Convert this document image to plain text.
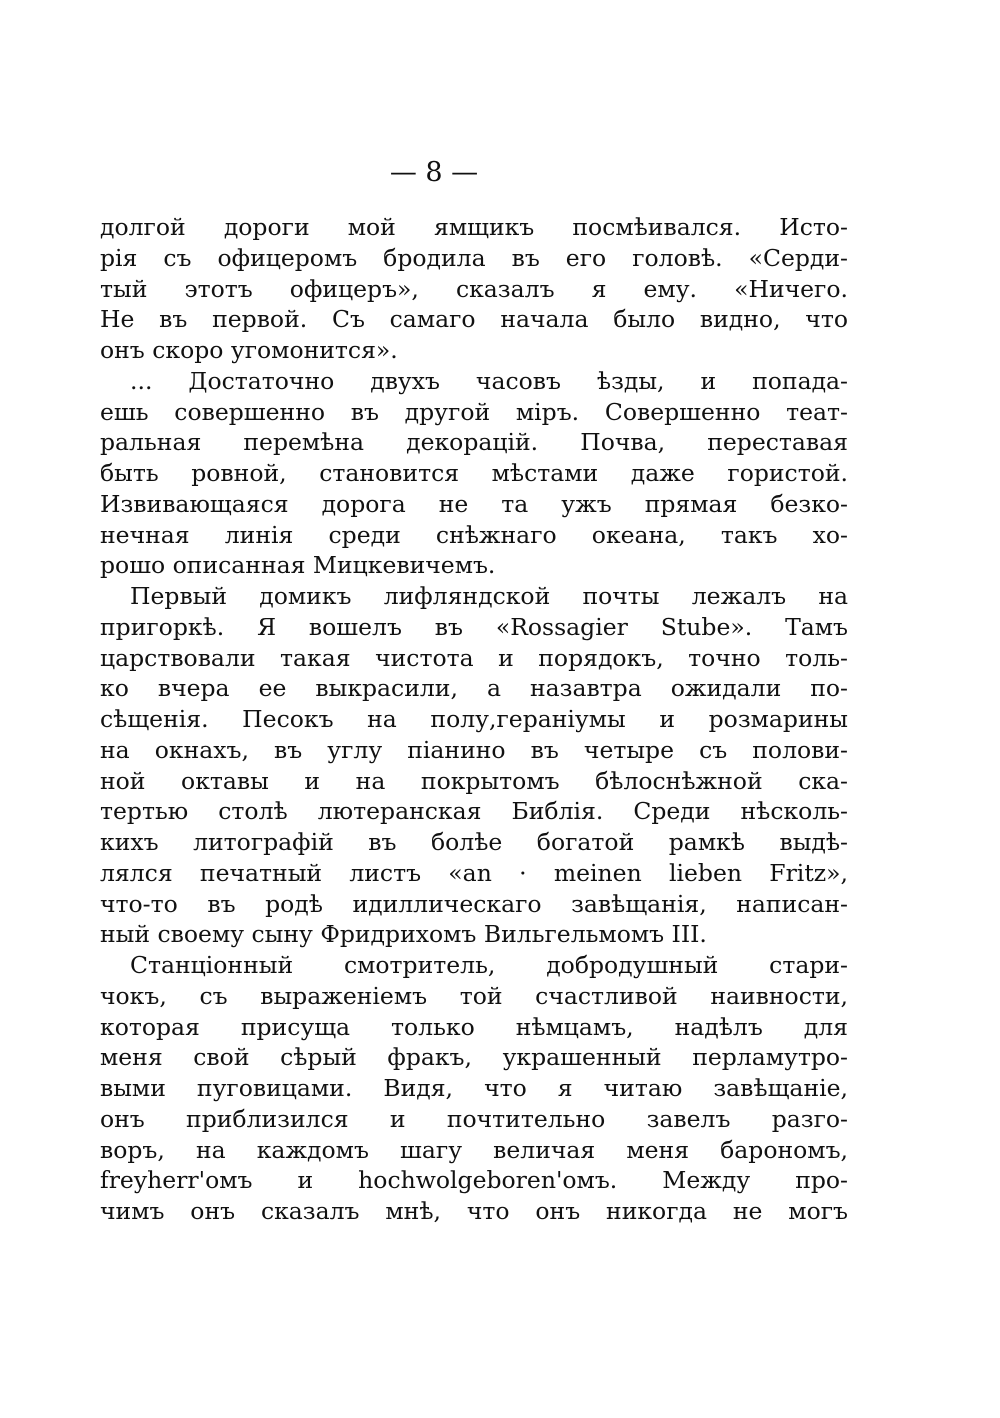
— 8 —
долгой дороги мой ямщикъ посмѣивался. Исто-
рія съ офицеромъ бродила въ его головѣ. «Серди-
тый этотъ офицеръ», сказалъ я ему. «Ничего.
Не въ первой. Съ самаго начала было видно, что
онъ скоро угомонится».
... Достаточно двухъ часовъ ѣзды, и попада-
ешь совершенно въ другой міръ. Совершенно теат-
ральная перемѣна декорацій. Почва, переставая
быть ровной, становится мѣстами даже гористой.
Извивающаяся дорога не та ужъ прямая безко-
нечная линія среди снѣжнаго океана, такъ хо-
рошо описанная Мицкевичемъ.
Первый домикъ лифляндской почты лежалъ на
пригоркѣ. Я вошелъ въ «Rossagier Stube». Тамъ
царствовали такая чистота и порядокъ, точно толь-
ко вчера ее выкрасили, а назавтра ожидали по-
сѣщенія. Песокъ на полу,гераніумы и розмарины
на окнахъ, въ углу піанино въ четыре съ полови-
ной октавы и на покрытомъ бѣлоснѣжной ска-
тертью столѣ лютеранская Библія. Среди нѣсколь-
кихъ литографій въ болѣе богатой рамкѣ выдѣ-
лялся печатный листъ «an · meinen lieben Fritz»,
что-то въ родѣ идиллическаго завѣщанія, написан-
ный своему сыну Фридрихомъ Вильгельмомъ III.
Станціонный смотритель, добродушный стари-
чокъ, съ выраженіемъ той счастливой наивности,
которая присуща только нѣмцамъ, надѣлъ для
меня свой сѣрый фракъ, украшенный перламутро-
выми пуговицами. Видя, что я читаю завѣщаніе,
онъ приблизился и почтительно завелъ разго-
воръ, на каждомъ шагу величая меня барономъ,
freyherr'омъ и hochwolgeboren'омъ. Между про-
чимъ онъ сказалъ мнѣ, что онъ никогда не могъ
